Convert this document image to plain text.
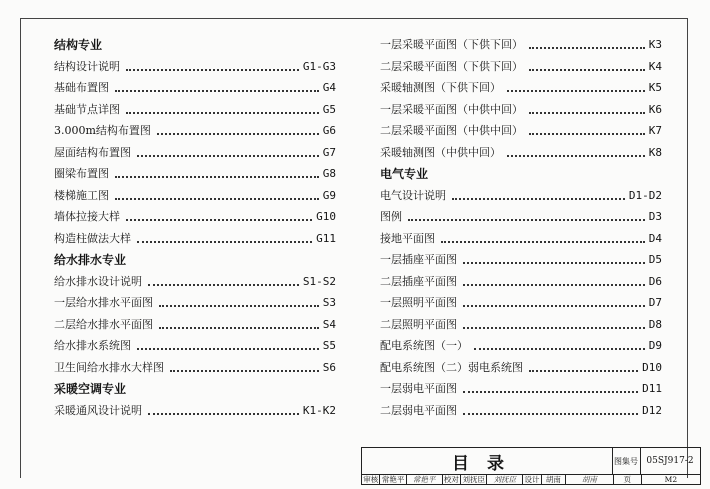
结构专业
结构设计说明	G1-G3
基础布置图	G4
基础节点详图	G5
3.000m结构布置图	G6
屋面结构布置图	G7
圈梁布置图	G8
楼梯施工图	G9
墙体拉接大样	G10
构造柱做法大样	G11
给水排水专业
给水排水设计说明	S1-S2
一层给水排水平面图	S3
二层给水排水平面图	S4
给水排水系统图	S5
卫生间给水排水大样图	S6
采暖空调专业
采暖通风设计说明	K1-K2
一层采暖平面图（下供下回）	K3
二层采暖平面图（下供下回）	K4
采暖轴测图（下供下回）	K5
一层采暖平面图（中供中回）	K6
二层采暖平面图（中供中回）	K7
采暖轴测图（中供中回）	K8
电气专业
电气设计说明	D1-D2
图例	D3
接地平面图	D4
一层插座平面图	D5
二层插座平面图	D6
一层照明平面图	D7
二层照明平面图	D8
配电系统图（一）	D9
配电系统图（二）弱电系统图	D10
一层弱电平面图	D11
二层弱电平面图	D12
目录	图集号 05SJ917-2
审核 常艳平	常艳平	校对 刘抚臣	刘抚臣	设计 胡南	胡南	页	M2
